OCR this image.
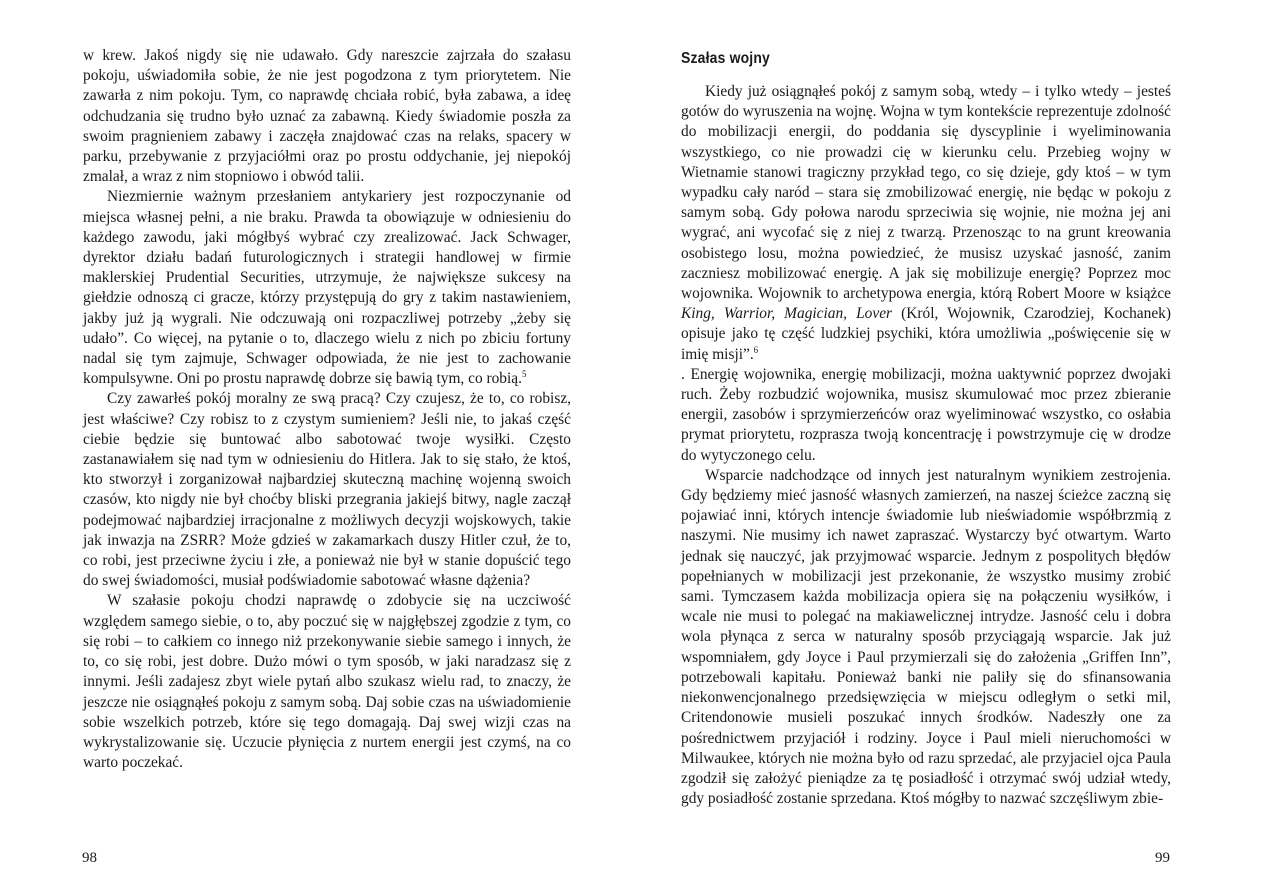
w krew. Jakoś nigdy się nie udawało. Gdy nareszcie zajrzała do szałasu pokoju, uświadomiła sobie, że nie jest pogodzona z tym priorytetem. Nie zawarła z nim pokoju. Tym, co naprawdę chciała robić, była zabawa, a ideę odchudzania się trudno było uznać za zabawną. Kiedy świadomie poszła za swoim pragnieniem zabawy i zaczęła znajdować czas na relaks, spacery w parku, przebywanie z przyjaciółmi oraz po prostu oddychanie, jej niepokój zmalał, a wraz z nim stopniowo i obwód talii.

Niezmiernie ważnym przesłaniem antykariery jest rozpoczynanie od miejsca własnej pełni, a nie braku. Prawda ta obowiązuje w odniesieniu do każdego zawodu, jaki mógłbyś wybrać czy zrealizować. Jack Schwager, dyrektor działu badań futurologicznych i strategii handlowej w firmie maklerskiej Prudential Securities, utrzymuje, że największe sukcesy na giełdzie odnoszą ci gracze, którzy przystępują do gry z takim nastawieniem, jakby już ją wygrali. Nie odczuwają oni rozpaczliwej potrzeby „żeby się udało”. Co więcej, na pytanie o to, dlaczego wielu z nich po zbiciu fortuny nadal się tym zajmuje, Schwager odpowiada, że nie jest to zachowanie kompulsywne. Oni po prostu naprawdę dobrze się bawią tym, co robią.$^5$

Czy zawarłeś pokój moralny ze swą pracą? Czy czujesz, że to, co robisz, jest właściwe? Czy robisz to z czystym sumieniem? Jeśli nie, to jakaś część ciebie będzie się buntować albo sabotować twoje wysiłki. Często zastanawiałem się nad tym w odniesieniu do Hitlera. Jak to się stało, że ktoś, kto stworzył i zorganizował najbardziej skuteczną machinę wojenną swoich czasów, kto nigdy nie był choćby bliski przegrania jakiejś bitwy, nagle zaczął podejmować najbardziej irracjonalne z możliwych decyzji wojskowych, takie jak inwazja na ZSRR? Może gdzieś w zakamarkach duszy Hitler czuł, że to, co robi, jest przeciwne życiu i złe, a ponieważ nie był w stanie dopuścić tego do swej świadomości, musiał podświadomie sabotować własne dążenia?

W szałasie pokoju chodzi naprawdę o zdobycie się na uczciwość względem samego siebie, o to, aby poczuć się w najgłębszej zgodzie z tym, co się robi – to całkiem co innego niż przekonywanie siebie samego i innych, że to, co się robi, jest dobre. Dużo mówi o tym sposób, w jaki naradzasz się z innymi. Jeśli zadajesz zbyt wiele pytań albo szukasz wielu rad, to znaczy, że jeszcze nie osiągnąłeś pokoju z samym sobą. Daj sobie czas na uświadomienie sobie wszelkich potrzeb, które się tego domagają. Daj swej wizji czas na wykrystalizowanie się. Uczucie płynięcia z nurtem energii jest czymś, na co warto poczekać.

98
Szałas wojny

Kiedy już osiągnąłeś pokój z samym sobą, wtedy – i tylko wtedy – jesteś gotów do wyruszenia na wojnę. Wojna w tym kontekście reprezentuje zdolność do mobilizacji energii, do poddania się dyscyplinie i wyeliminowania wszystkiego, co nie prowadzi cię w kierunku celu. Przebieg wojny w Wietnamie stanowi tragiczny przykład tego, co się dzieje, gdy ktoś – w tym wypadku cały naród – stara się zmobilizować energię, nie będąc w pokoju z samym sobą. Gdy połowa narodu sprzeciwia się wojnie, nie można jej ani wygrać, ani wycofać się z niej z twarzą. Przenosząc to na grunt kreowania osobistego losu, można powiedzieć, że musisz uzyskać jasność, zanim zaczniesz mobilizować energię. A jak się mobilizuje energię? Poprzez moc wojownika. Wojownik to archetypowa energia, którą Robert Moore w książce King, Warrior, Magician, Lover (Król, Wojownik, Czarodziej, Kochanek) opisuje jako tę część ludzkiej psychiki, która umożliwia „poświęcenie się w imię misji”.$^6$

. Energię wojownika, energię mobilizacji, można uaktywnić poprzez dwojaki ruch. Żeby rozbudzić wojownika, musisz skumulować moc przez zbieranie energii, zasobów i sprzymierzeńców oraz wyeliminować wszystko, co osłabia prymat priorytetu, rozprasza twoją koncentrację i powstrzymuje cię w drodze do wytyczonego celu.

Wsparcie nadchodzące od innych jest naturalnym wynikiem zestrojenia. Gdy będziemy mieć jasność własnych zamierzeń, na naszej ścieżce zaczną się pojawiać inni, których intencje świadomie lub nieświadomie współbrzmią z naszymi. Nie musimy ich nawet zapraszać. Wystarczy być otwartym. Warto jednak się nauczyć, jak przyjmować wsparcie. Jednym z pospolitych błędów popełnianych w mobilizacji jest przekonanie, że wszystko musimy zrobić sami. Tymczasem każda mobilizacja opiera się na połączeniu wysiłków, i wcale nie musi to polegać na makiawelicznej intrydze. Jasność celu i dobra wola płynąca z serca w naturalny sposób przyciągają wsparcie. Jak już wspomniałem, gdy Joyce i Paul przymierzali się do założenia „Griffen Inn”, potrzebowali kapitału. Ponieważ banki nie paliły się do sfinansowania niekonwencjonalnego przedsięwzięcia w miejscu odległym o setki mil, Critendonowie musieli poszukać innych środków. Nadeszły one za pośrednictwem przyjaciół i rodziny. Joyce i Paul mieli nieruchomości w Milwaukee, których nie można było od razu sprzedać, ale przyjaciel ojca Paula zgodził się założyć pieniądze za tę posiadłość i otrzymać swój udział wtedy, gdy posiadłość zostanie sprzedana. Ktoś mógłby to nazwać szczęśliwym zbie-

99
